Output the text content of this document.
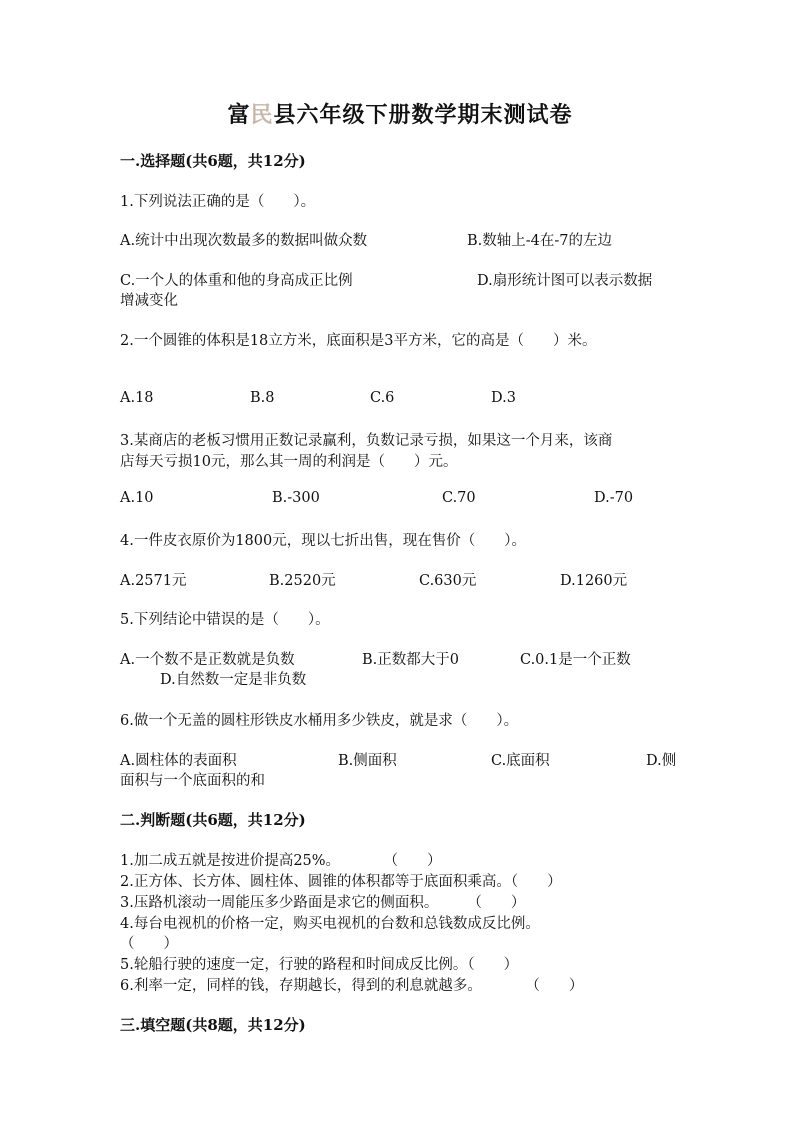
富民县六年级下册数学期末测试卷
一.选择题(共6题，共12分)
1.下列说法正确的是（　　）。
A.统计中出现次数最多的数据叫做众数	B.数轴上-4在-7的左边
C.一个人的体重和他的身高成正比例	D.扇形统计图可以表示数据
增减变化
2.一个圆锥的体积是18立方米，底面积是3平方米，它的高是（　　）米。
A.18	B.8	C.6	D.3
3.某商店的老板习惯用正数记录赢利，负数记录亏损，如果这一个月来，该商
店每天亏损10元，那么其一周的利润是（　　）元。
A.10	B.-300	C.70	D.-70
4.一件皮衣原价为1800元，现以七折出售，现在售价（　　）。
A.2571元	B.2520元	C.630元	D.1260元
5.下列结论中错误的是（　　）。
A.一个数不是正数就是负数	B.正数都大于0	C.0.1是一个正数
D.自然数一定是非负数
6.做一个无盖的圆柱形铁皮水桶用多少铁皮，就是求（　　）。
A.圆柱体的表面积	B.侧面积	C.底面积	D.侧
面积与一个底面积的和
二.判断题(共6题，共12分)
1.加二成五就是按进价提高25%。　　　　（　　）
2.正方体、长方体、圆柱体、圆锥的体积都等于底面积乘高。（　　）
3.压路机滚动一周能压多少路面是求它的侧面积。　　　（　　）
4.每台电视机的价格一定，购买电视机的台数和总钱数成反比例。
（　　）
5.轮船行驶的速度一定，行驶的路程和时间成反比例。（　　）
6.利率一定，同样的钱，存期越长，得到的利息就越多。　　　　（　　）
三.填空题(共8题，共12分)
